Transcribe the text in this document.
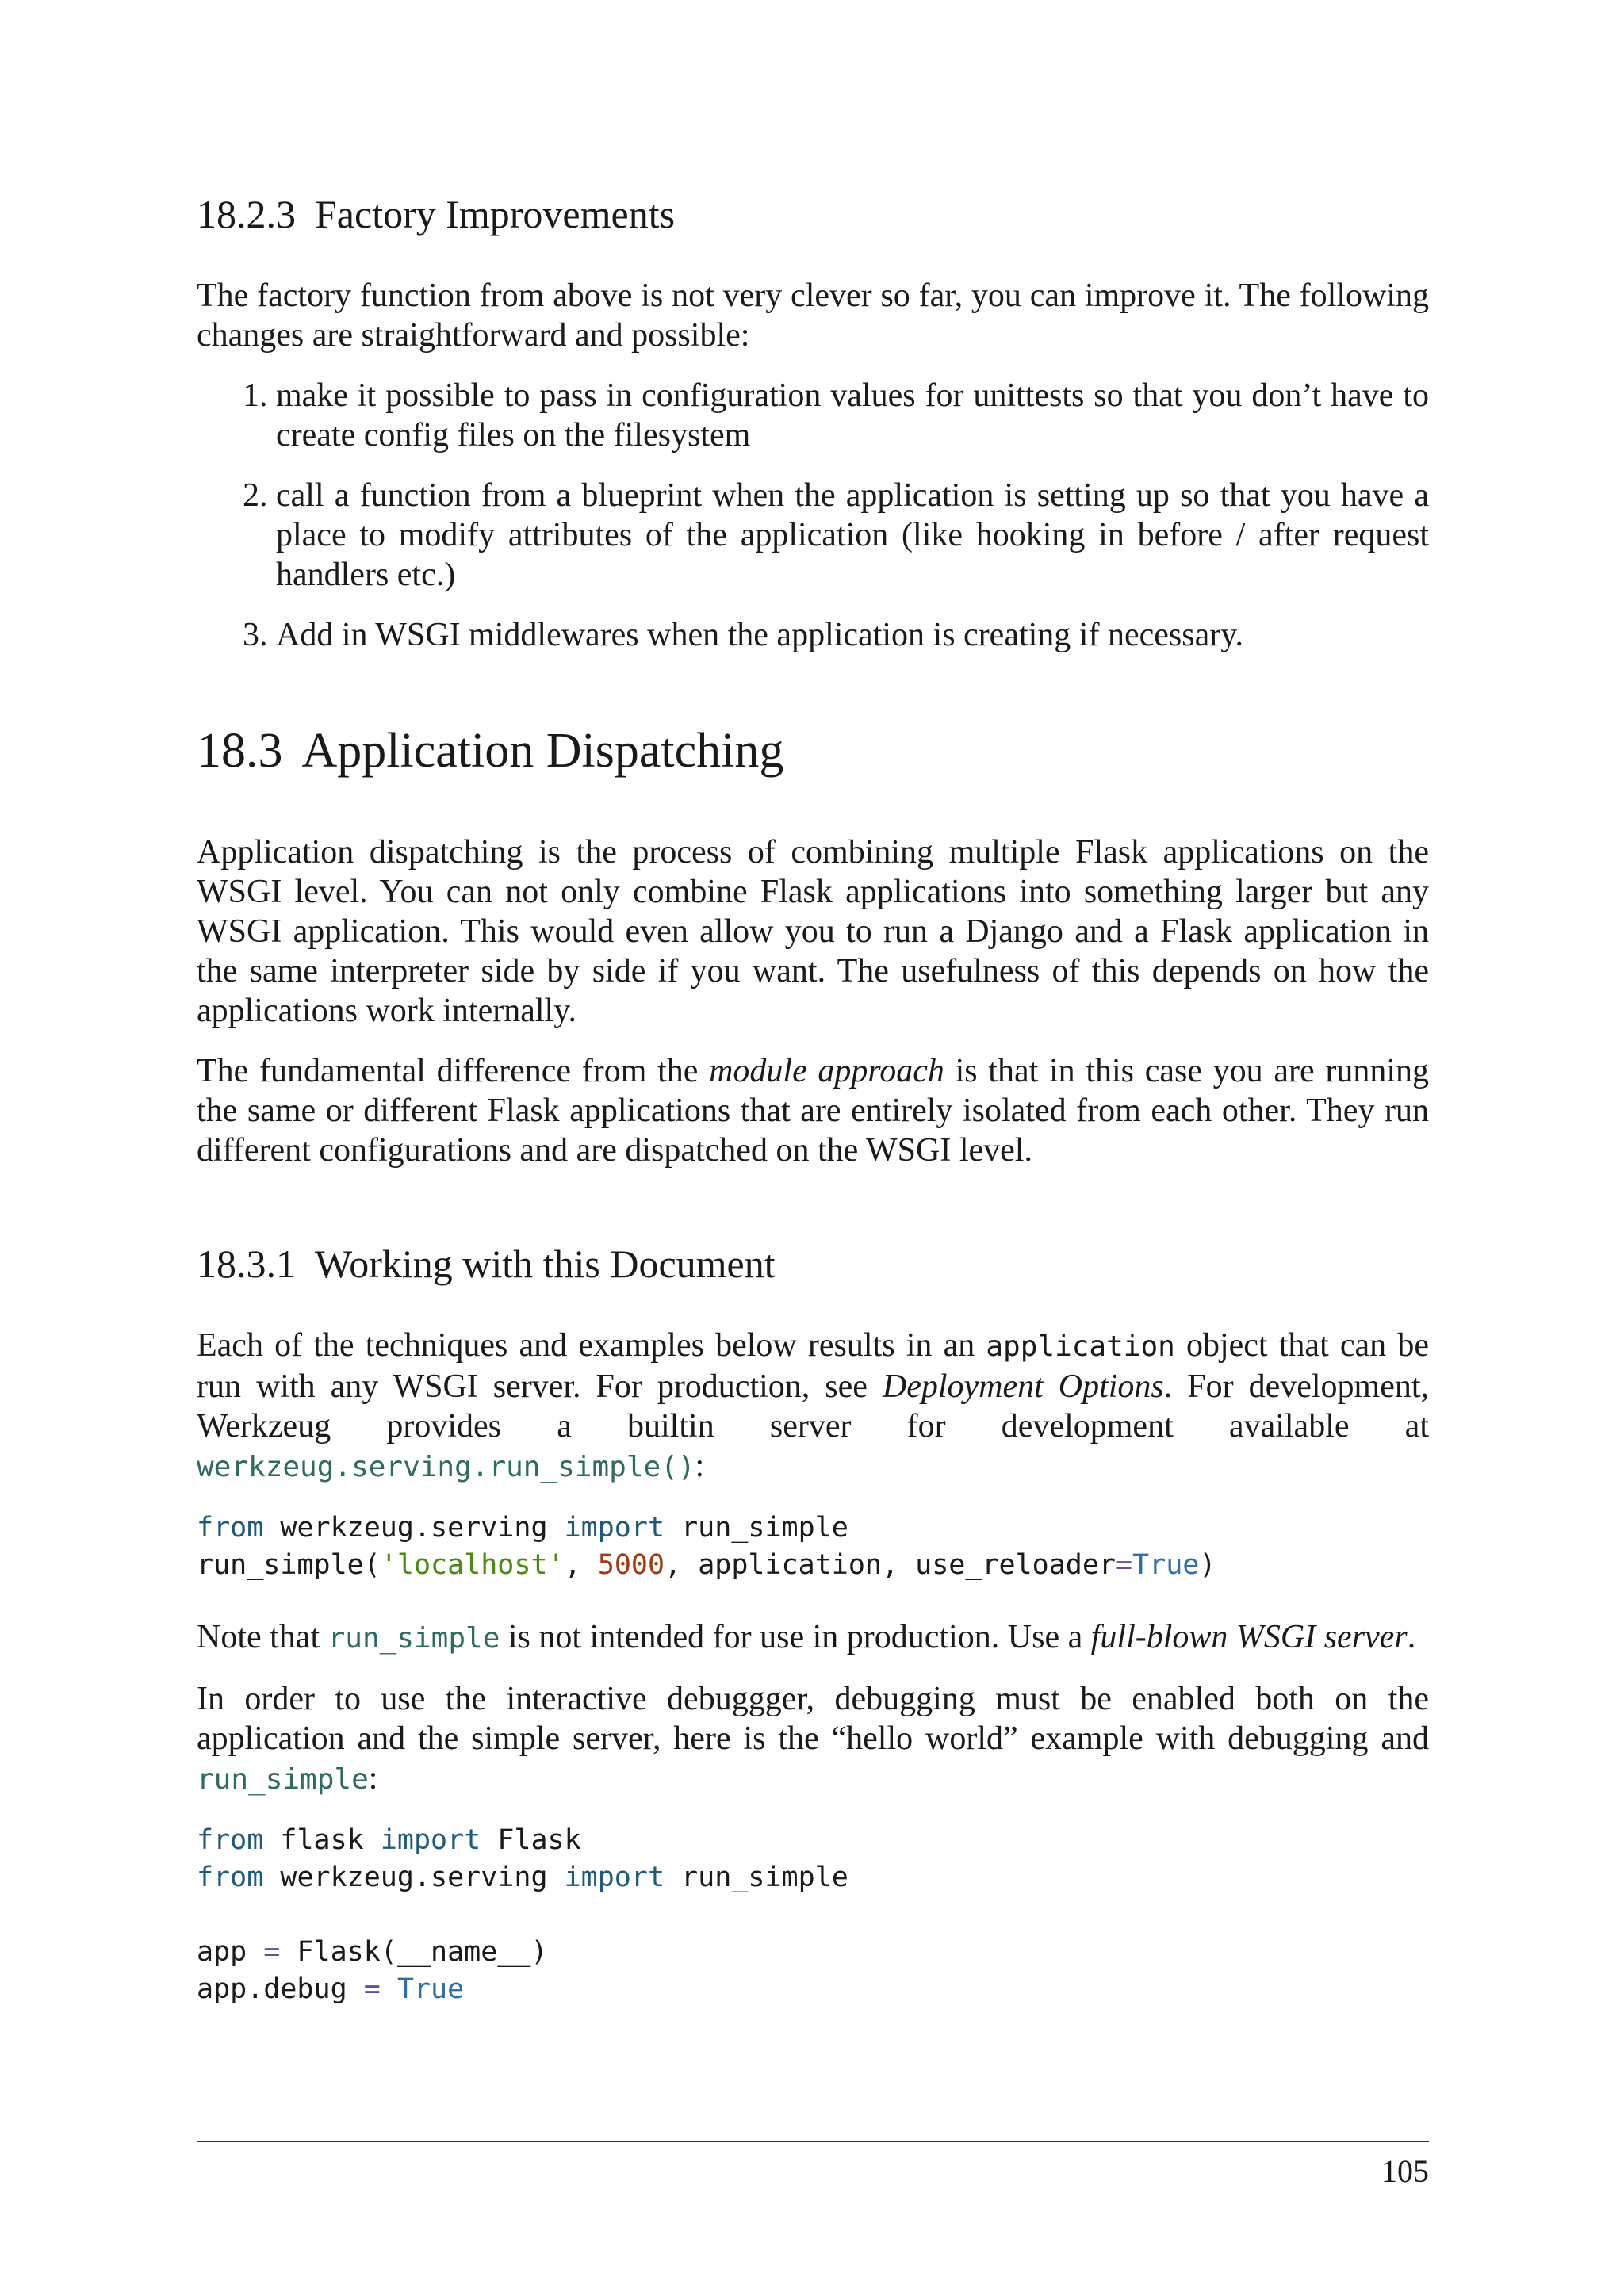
18.2.3 Factory Improvements

The factory function from above is not very clever so far, you can improve it. The following changes are straightforward and possible:

1. make it possible to pass in configuration values for unittests so that you don’t have to create config files on the filesystem
2. call a function from a blueprint when the application is setting up so that you have a place to modify attributes of the application (like hooking in before / after request handlers etc.)
3. Add in WSGI middlewares when the application is creating if necessary.
18.3 Application Dispatching

Application dispatching is the process of combining multiple Flask applications on the WSGI level. You can not only combine Flask applications into something larger but any WSGI application. This would even allow you to run a Django and a Flask application in the same interpreter side by side if you want. The usefulness of this depends on how the applications work internally.

The fundamental difference from the module approach is that in this case you are running the same or different Flask applications that are entirely isolated from each other. They run different configurations and are dispatched on the WSGI level.

18.3.1 Working with this Document

Each of the techniques and examples below results in an application object that can be run with any WSGI server. For production, see Deployment Options. For development, Werkzeug provides a builtin server for development available at werkzeug.serving.run_simple():

from werkzeug.serving import run_simple
run_simple('localhost', 5000, application, use_reloader=True)

Note that run_simple is not intended for use in production. Use a full-blown WSGI server.

In order to use the interactive debuggger, debugging must be enabled both on the application and the simple server, here is the “hello world” example with debugging and run_simple:

from flask import Flask
from werkzeug.serving import run_simple

app = Flask(__name__)
app.debug = True
105
